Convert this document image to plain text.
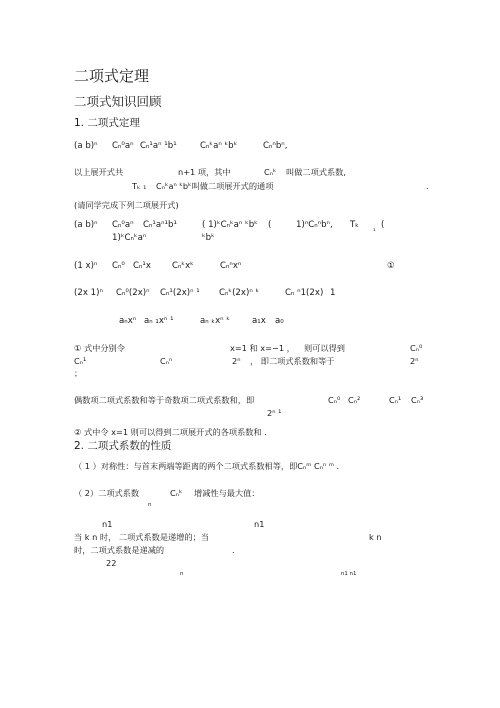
二项式定理
二项式知识回顾
1. 二项式定理
(a b)ⁿ Cₙ⁰aⁿ Cₙ¹aⁿ ¹b¹	Cₙᵏaⁿ ᵏbᵏ	Cₙⁿbⁿ,
以上展开式共	n+1 项，其中	Cₙᵏ 叫做二项式系数,
Tₖ ₁ Cₙᵏaⁿ ᵏbᵏ叫做二项展开式的通项	.
(请同学完成下列二项展开式)
(a b)ⁿ Cₙ⁰aⁿ Cₙ¹aⁿ¹b¹	( 1)ᵏCₙᵏaⁿ ᵏbᵏ (	1)ⁿCₙⁿbⁿ, Tₖ ₁ (
1)ᵏCₙᵏaⁿ	ᵏbᵏ
(1 x)ⁿ Cₙ⁰ Cₙ¹x Cₙᵏxᵏ	Cₙⁿxⁿ	①
(2x 1)ⁿ Cₙ⁰(2x)ⁿ Cₙ¹(2x)ⁿ ¹ Cₙᵏ(2x)ⁿ ᵏ	Cₙ ⁿ1(2x) 1
aₙxⁿ aₙ ₁xⁿ ¹	aₙ ₖxⁿ ᵏ	a₁x a₀
① 式中分别令	x=1 和 x=−1 ， 则可以得到	Cₙ⁰
Cₙ¹	Cₙⁿ	2ⁿ ， 即二项式系数和等于	2ⁿ
；
偶数项二项式系数和等于奇数项二项式系数和，即	Cₙ⁰ Cₙ²	Cₙ¹ Cₙ³
2ⁿ ¹
② 式中令 x=1 则可以得到二项展开式的各项系数和 .
2. 二项式系数的性质
（ 1 ）对称性：与首末两端等距离的两个二项式系数相等，即Cₙᵐ Cₙⁿ ᵐ .
（ 2）二项式系数	Cₙᵏ 增减性与最大值：
n
n1	n1
当 k n 时， 二项式系数是递增的；当	k n
时，二项式系数是递减的	.
22
n	n1 n1
